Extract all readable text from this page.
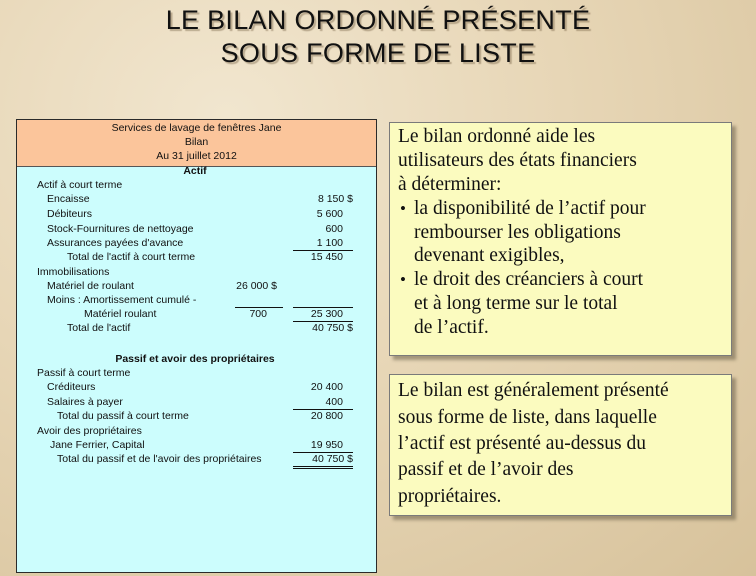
LE BILAN ORDONNÉ PRÉSENTÉ
SOUS FORME DE LISTE
Services de lavage de fenêtres Jane
Bilan
Au 31 juillet 2012
Actif
Actif à court terme
Encaisse	8 150 $
Débiteurs	5 600
Stock-Fournitures de nettoyage	600
Assurances payées d'avance	1 100
Total de l'actif à court terme	15 450
Immobilisations
Matériel de roulant	26 000 $
Moins : Amortissement cumulé -
Matériel roulant	700	25 300
Total de l'actif	40 750 $
Passif et avoir des propriétaires
Passif à court terme
Créditeurs	20 400
Salaires à payer	400
Total du passif à court terme	20 800
Avoir des propriétaires
Jane Ferrier, Capital	19 950
Total du passif et de l'avoir des propriétaires	40 750 $
Le bilan ordonné aide les
utilisateurs des états financiers
à déterminer:
• la disponibilité de l’actif pour
rembourser les obligations
devenant exigibles,
• le droit des créanciers à court
et à long terme sur le total
de l’actif.
Le bilan est généralement présenté
sous forme de liste, dans laquelle
l’actif est présenté au-dessus du
passif et de l’avoir des
propriétaires.
